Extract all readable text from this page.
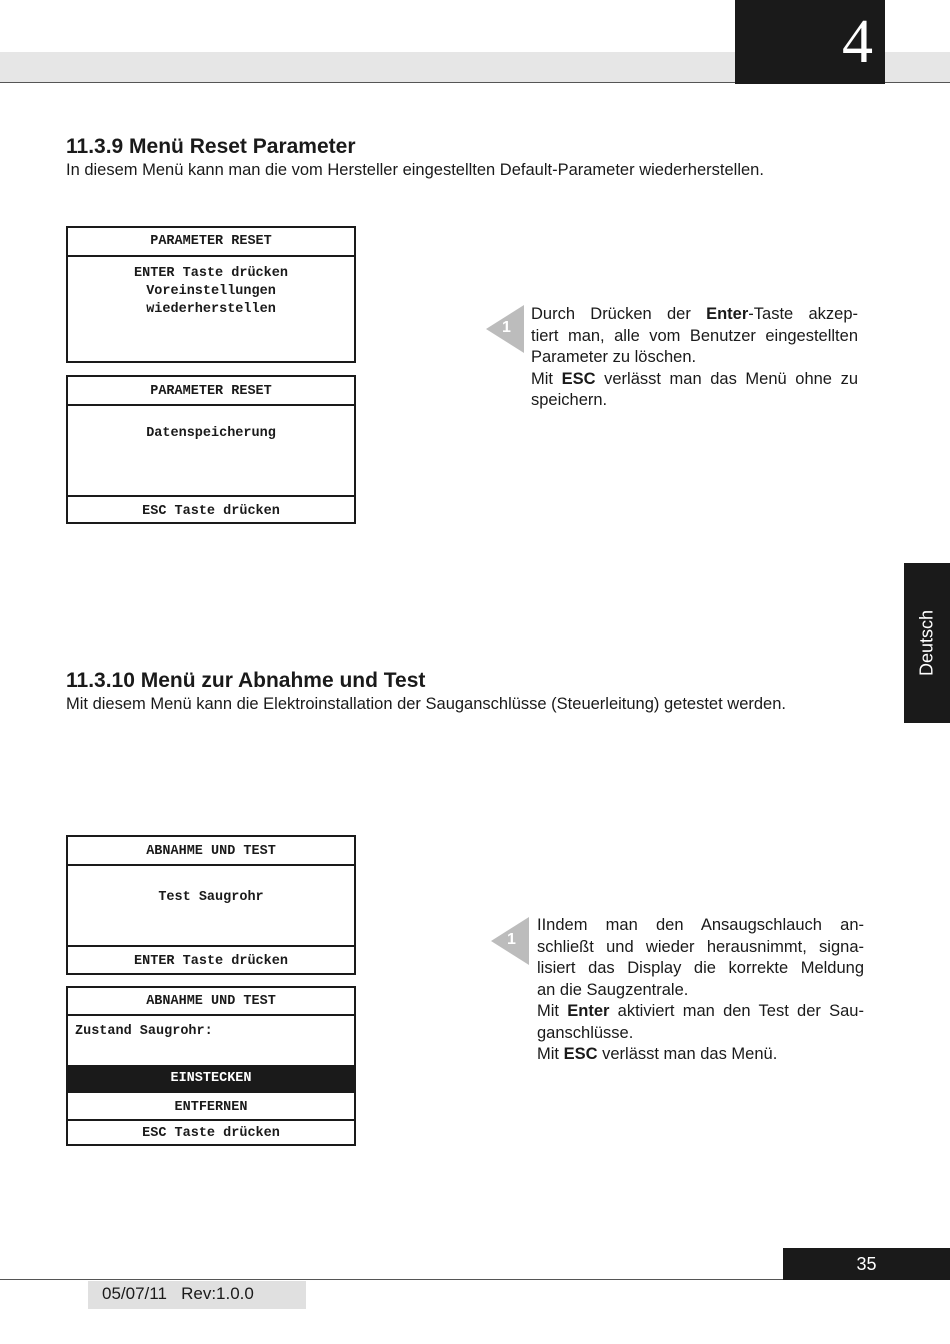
4
Deutsch
11.3.9 Menü Reset Parameter

In diesem Menü kann man die vom Hersteller eingestellten Default-Parameter wiederherstellen.

PARAMETER RESET
ENTER Taste drücken
Voreinstellungen
wiederherstellen
PARAMETER RESET
Datenspeicherung
ESC Taste drücken
1
Durch Drücken der Enter-Taste akzep-
tiert man, alle vom Benutzer eingestellten
Parameter zu löschen.
Mit ESC verlässt man das Menü ohne zu
speichern.
11.3.10 Menü zur Abnahme und Test

Mit diesem Menü kann die Elektroinstallation der Sauganschlüsse (Steuerleitung) getestet werden.

ABNAHME UND TEST
Test Saugrohr
ENTER Taste drücken
ABNAHME UND TEST
Zustand Saugrohr:
EINSTECKEN
ENTFERNEN
ESC Taste drücken
1
IIndem man den Ansaugschlauch an-
schließt und wieder herausnimmt, signa-
lisiert das Display die korrekte Meldung
an die Saugzentrale.
Mit Enter aktiviert man den Test der Sau-
ganschlüsse.
Mit ESC verlässt man das Menü.
35
05/07/11 Rev:1.0.0
